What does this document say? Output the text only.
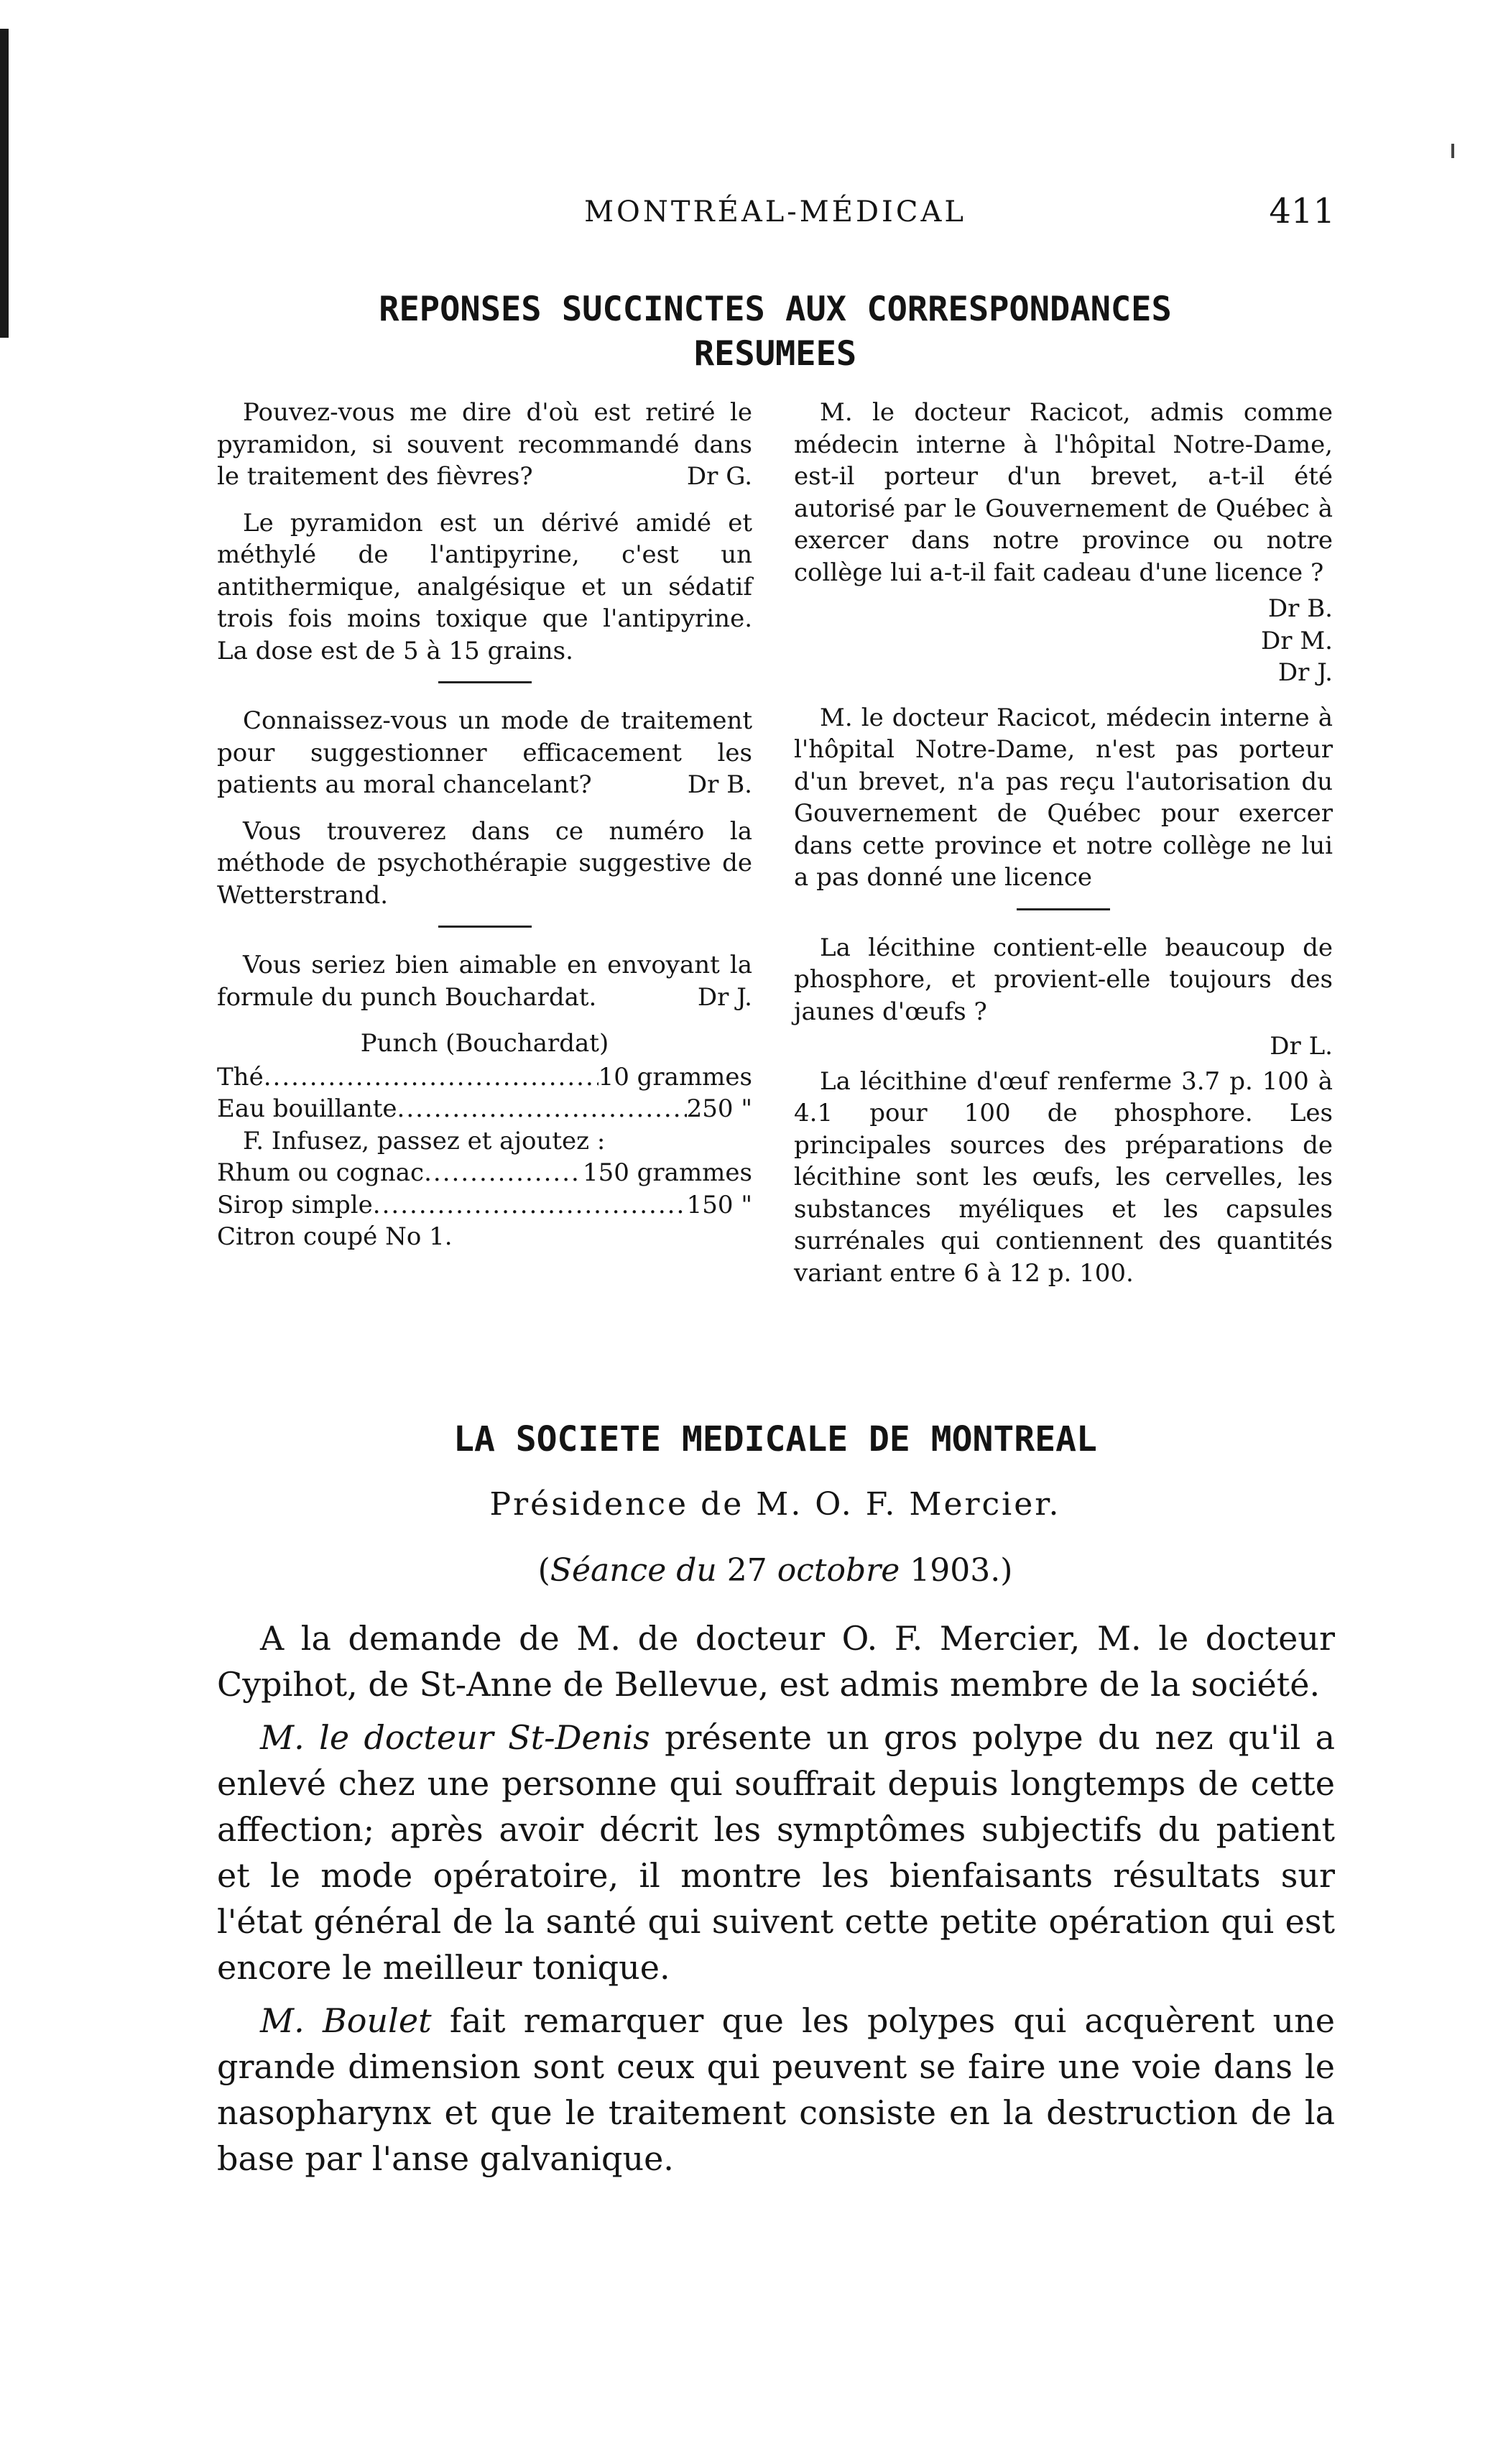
MONTRÉAL-MÉDICAL	411
REPONSES SUCCINCTES AUX CORRESPONDANCES
RESUMEES

Pouvez-vous me dire d'où est retiré le pyramidon, si souvent recommandé dans le traitement des fièvres?	Dr G.

Le pyramidon est un dérivé amidé et méthylé de l'antipyrine, c'est un antithermique, analgésique et un sédatif trois fois moins toxique que l'antipyrine. La dose est de 5 à 15 grains.

Connaissez-vous un mode de traitement pour suggestionner efficacement les patients au moral chancelant?	Dr B.

Vous trouverez dans ce numéro la méthode de psychothérapie suggestive de Wetterstrand.

Vous seriez bien aimable en envoyant la formule du punch Bouchardat.	Dr J.

Punch (Bouchardat)
Thé .....	10 grammes
Eau bouillante .....	250 "
F. Infusez, passez et ajoutez :
Rhum ou cognac .....	150 grammes
Sirop simple .....	150 "
Citron coupé No 1.

M. le docteur Racicot, admis comme médecin interne à l'hôpital Notre-Dame, est-il porteur d'un brevet, a-t-il été autorisé par le Gouvernement de Québec à exercer dans notre province ou notre collège lui a-t-il fait cadeau d'une licence ?

Dr B.
Dr M.
Dr J.

M. le docteur Racicot, médecin interne à l'hôpital Notre-Dame, n'est pas porteur d'un brevet, n'a pas reçu l'autorisation du Gouvernement de Québec pour exercer dans cette province et notre collège ne lui a pas donné une licence

La lécithine contient-elle beaucoup de phosphore, et provient-elle toujours des jaunes d'œufs ?

Dr L.

La lécithine d'œuf renferme 3.7 p. 100 à 4.1 pour 100 de phosphore. Les principales sources des préparations de lécithine sont les œufs, les cervelles, les substances myéliques et les capsules surrénales qui contiennent des quantités variant entre 6 à 12 p. 100.

LA SOCIETE MEDICALE DE MONTREAL
Présidence de M. O. F. Mercier.
(Séance du 27 octobre 1903.)

A la demande de M. de docteur O. F. Mercier, M. le docteur Cypihot, de St-Anne de Bellevue, est admis membre de la société.

M. le docteur St-Denis présente un gros polype du nez qu'il a enlevé chez une personne qui souffrait depuis longtemps de cette affection; après avoir décrit les symptômes subjectifs du patient et le mode opératoire, il montre les bienfaisants résultats sur l'état général de la santé qui suivent cette petite opération qui est encore le meilleur tonique.

M. Boulet fait remarquer que les polypes qui acquèrent une grande dimension sont ceux qui peuvent se faire une voie dans le nasopharynx et que le traitement consiste en la destruction de la base par l'anse galvanique.
